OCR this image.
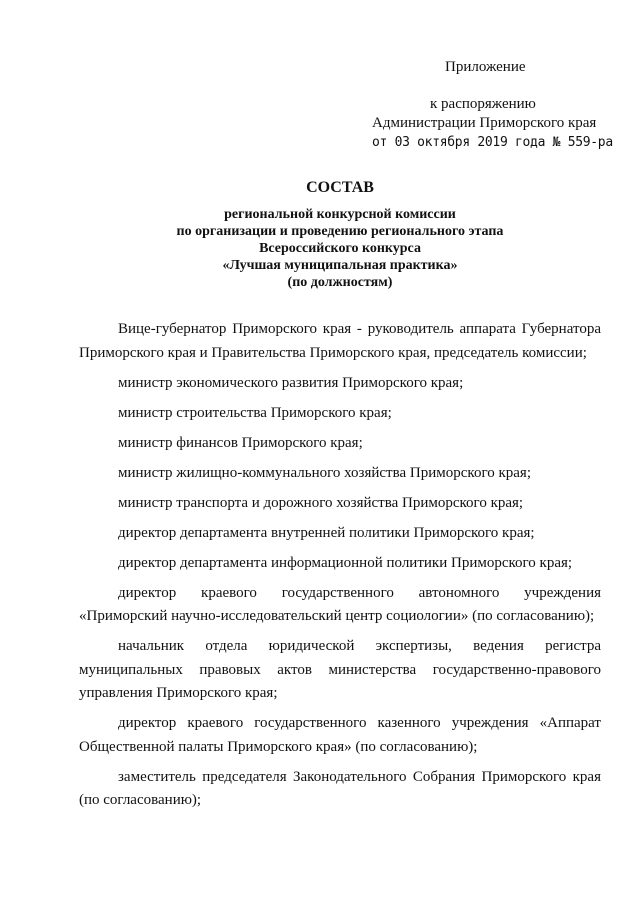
Приложение
к распоряжению
Администрации Приморского края
от 03 октября 2019 года № 559-ра
СОСТАВ
региональной конкурсной комиссии
по организации и проведению регионального этапа
Всероссийского конкурса
«Лучшая муниципальная практика»
(по должностям)

Вице-губернатор Приморского края - руководитель аппарата Губернатора Приморского края и Правительства Приморского края, председатель комиссии;

министр экономического развития Приморского края;

министр строительства Приморского края;

министр финансов Приморского края;

министр жилищно-коммунального хозяйства Приморского края;

министр транспорта и дорожного хозяйства Приморского края;

директор департамента внутренней политики Приморского края;

директор департамента информационной политики Приморского края;

директор краевого государственного автономного учреждения «Приморский научно-исследовательский центр социологии» (по согласованию);

начальник отдела юридической экспертизы, ведения регистра муниципальных правовых актов министерства государственно-правового управления Приморского края;

директор краевого государственного казенного учреждения «Аппарат Общественной палаты Приморского края» (по согласованию);

заместитель председателя Законодательного Собрания Приморского края (по согласованию);
